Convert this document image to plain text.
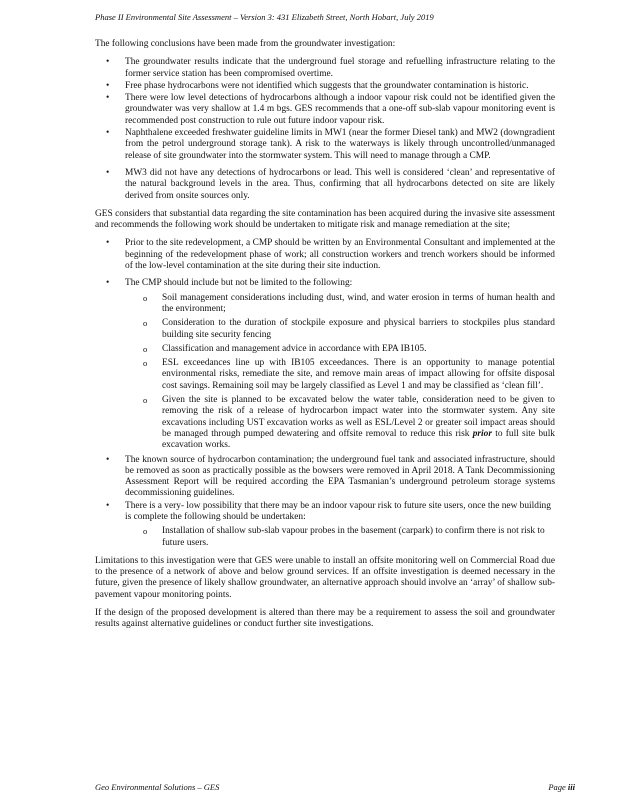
Phase II Environmental Site Assessment – Version 3: 431 Elizabeth Street, North Hobart, July 2019

The following conclusions have been made from the groundwater investigation:

• The groundwater results indicate that the underground fuel storage and refuelling infrastructure relating to the former service station has been compromised overtime.
• Free phase hydrocarbons were not identified which suggests that the groundwater contamination is historic.
• There were low level detections of hydrocarbons although a indoor vapour risk could not be identified given the groundwater was very shallow at 1.4 m bgs. GES recommends that a one-off sub-slab vapour monitoring event is recommended post construction to rule out future indoor vapour risk.
• Naphthalene exceeded freshwater guideline limits in MW1 (near the former Diesel tank) and MW2 (downgradient from the petrol underground storage tank). A risk to the waterways is likely through uncontrolled/unmanaged release of site groundwater into the stormwater system. This will need to manage through a CMP.
• MW3 did not have any detections of hydrocarbons or lead. This well is considered ‘clean’ and representative of the natural background levels in the area. Thus, confirming that all hydrocarbons detected on site are likely derived from onsite sources only.

GES considers that substantial data regarding the site contamination has been acquired during the invasive site assessment and recommends the following work should be undertaken to mitigate risk and manage remediation at the site;

• Prior to the site redevelopment, a CMP should be written by an Environmental Consultant and implemented at the beginning of the redevelopment phase of work; all construction workers and trench workers should be informed of the low-level contamination at the site during their site induction.
• The CMP should include but not be limited to the following:
o Soil management considerations including dust, wind, and water erosion in terms of human health and the environment;
o Consideration to the duration of stockpile exposure and physical barriers to stockpiles plus standard building site security fencing
o Classification and management advice in accordance with EPA IB105.
o ESL exceedances line up with IB105 exceedances. There is an opportunity to manage potential environmental risks, remediate the site, and remove main areas of impact allowing for offsite disposal cost savings. Remaining soil may be largely classified as Level 1 and may be classified as ‘clean fill’.
o Given the site is planned to be excavated below the water table, consideration need to be given to removing the risk of a release of hydrocarbon impact water into the stormwater system. Any site excavations including UST excavation works as well as ESL/Level 2 or greater soil impact areas should be managed through pumped dewatering and offsite removal to reduce this risk prior to full site bulk excavation works.
• The known source of hydrocarbon contamination; the underground fuel tank and associated infrastructure, should be removed as soon as practically possible as the bowsers were removed in April 2018. A Tank Decommissioning Assessment Report will be required according the EPA Tasmanian’s underground petroleum storage systems decommissioning guidelines.
• There is a very- low possibility that there may be an indoor vapour risk to future site users, once the new building is complete the following should be undertaken:
o Installation of shallow sub-slab vapour probes in the basement (carpark) to confirm there is not risk to future users.

Limitations to this investigation were that GES were unable to install an offsite monitoring well on Commercial Road due to the presence of a network of above and below ground services. If an offsite investigation is deemed necessary in the future, given the presence of likely shallow groundwater, an alternative approach should involve an ‘array’ of shallow sub-pavement vapour monitoring points.

If the design of the proposed development is altered than there may be a requirement to assess the soil and groundwater results against alternative guidelines or conduct further site investigations.

Geo Environmental Solutions – GES	Page iii
